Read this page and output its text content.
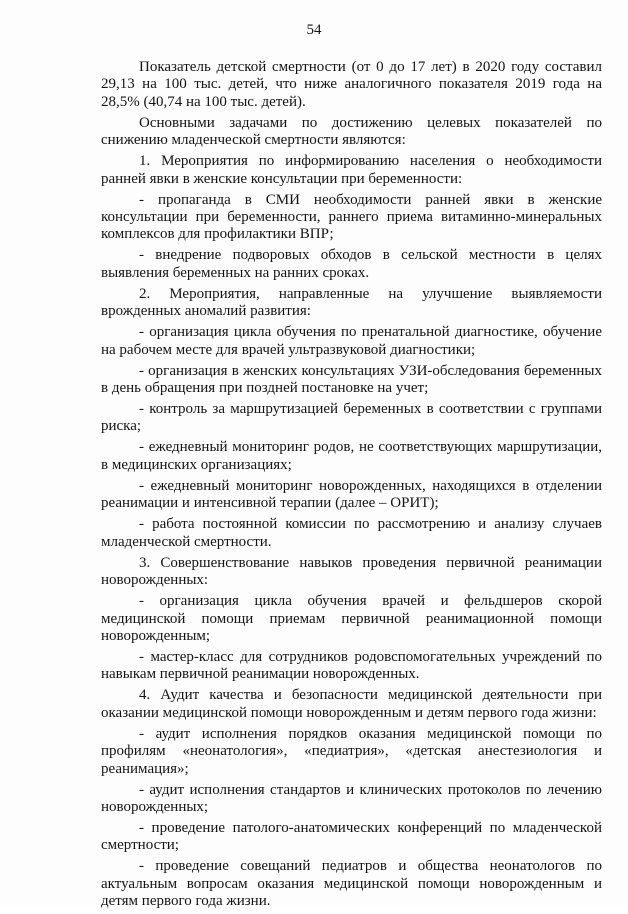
54

Показатель детской смертности (от 0 до 17 лет) в 2020 году составил 29,13 на 100 тыс. детей, что ниже аналогичного показателя 2019 года на 28,5% (40,74 на 100 тыс. детей).

Основными задачами по достижению целевых показателей по снижению младенческой смертности являются:

1. Мероприятия по информированию населения о необходимости ранней явки в женские консультации при беременности:

- пропаганда в СМИ необходимости ранней явки в женские консультации при беременности, раннего приема витаминно-минеральных комплексов для профилактики ВПР;

- внедрение подворовых обходов в сельской местности в целях выявления беременных на ранних сроках.

2. Мероприятия, направленные на улучшение выявляемости врожденных аномалий развития:

- организация цикла обучения по пренатальной диагностике, обучение на рабочем месте для врачей ультразвуковой диагностики;

- организация в женских консультациях УЗИ-обследования беременных в день обращения при поздней постановке на учет;

- контроль за маршрутизацией беременных в соответствии с группами риска;

- ежедневный мониторинг родов, не соответствующих маршрутизации, в медицинских организациях;

- ежедневный мониторинг новорожденных, находящихся в отделении реанимации и интенсивной терапии (далее – ОРИТ);

- работа постоянной комиссии по рассмотрению и анализу случаев младенческой смертности.

3. Совершенствование навыков проведения первичной реанимации новорожденных:

- организация цикла обучения врачей и фельдшеров скорой медицинской помощи приемам первичной реанимационной помощи новорожденным;

- мастер-класс для сотрудников родовспомогательных учреждений по навыкам первичной реанимации новорожденных.

4. Аудит качества и безопасности медицинской деятельности при оказании медицинской помощи новорожденным и детям первого года жизни:

- аудит исполнения порядков оказания медицинской помощи по профилям «неонатология», «педиатрия», «детская анестезиология и реанимация»;

- аудит исполнения стандартов и клинических протоколов по лечению новорожденных;

- проведение патолого-анатомических конференций по младенческой смертности;

- проведение совещаний педиатров и общества неонатологов по актуальным вопросам оказания медицинской помощи новорожденным и детям первого года жизни.
